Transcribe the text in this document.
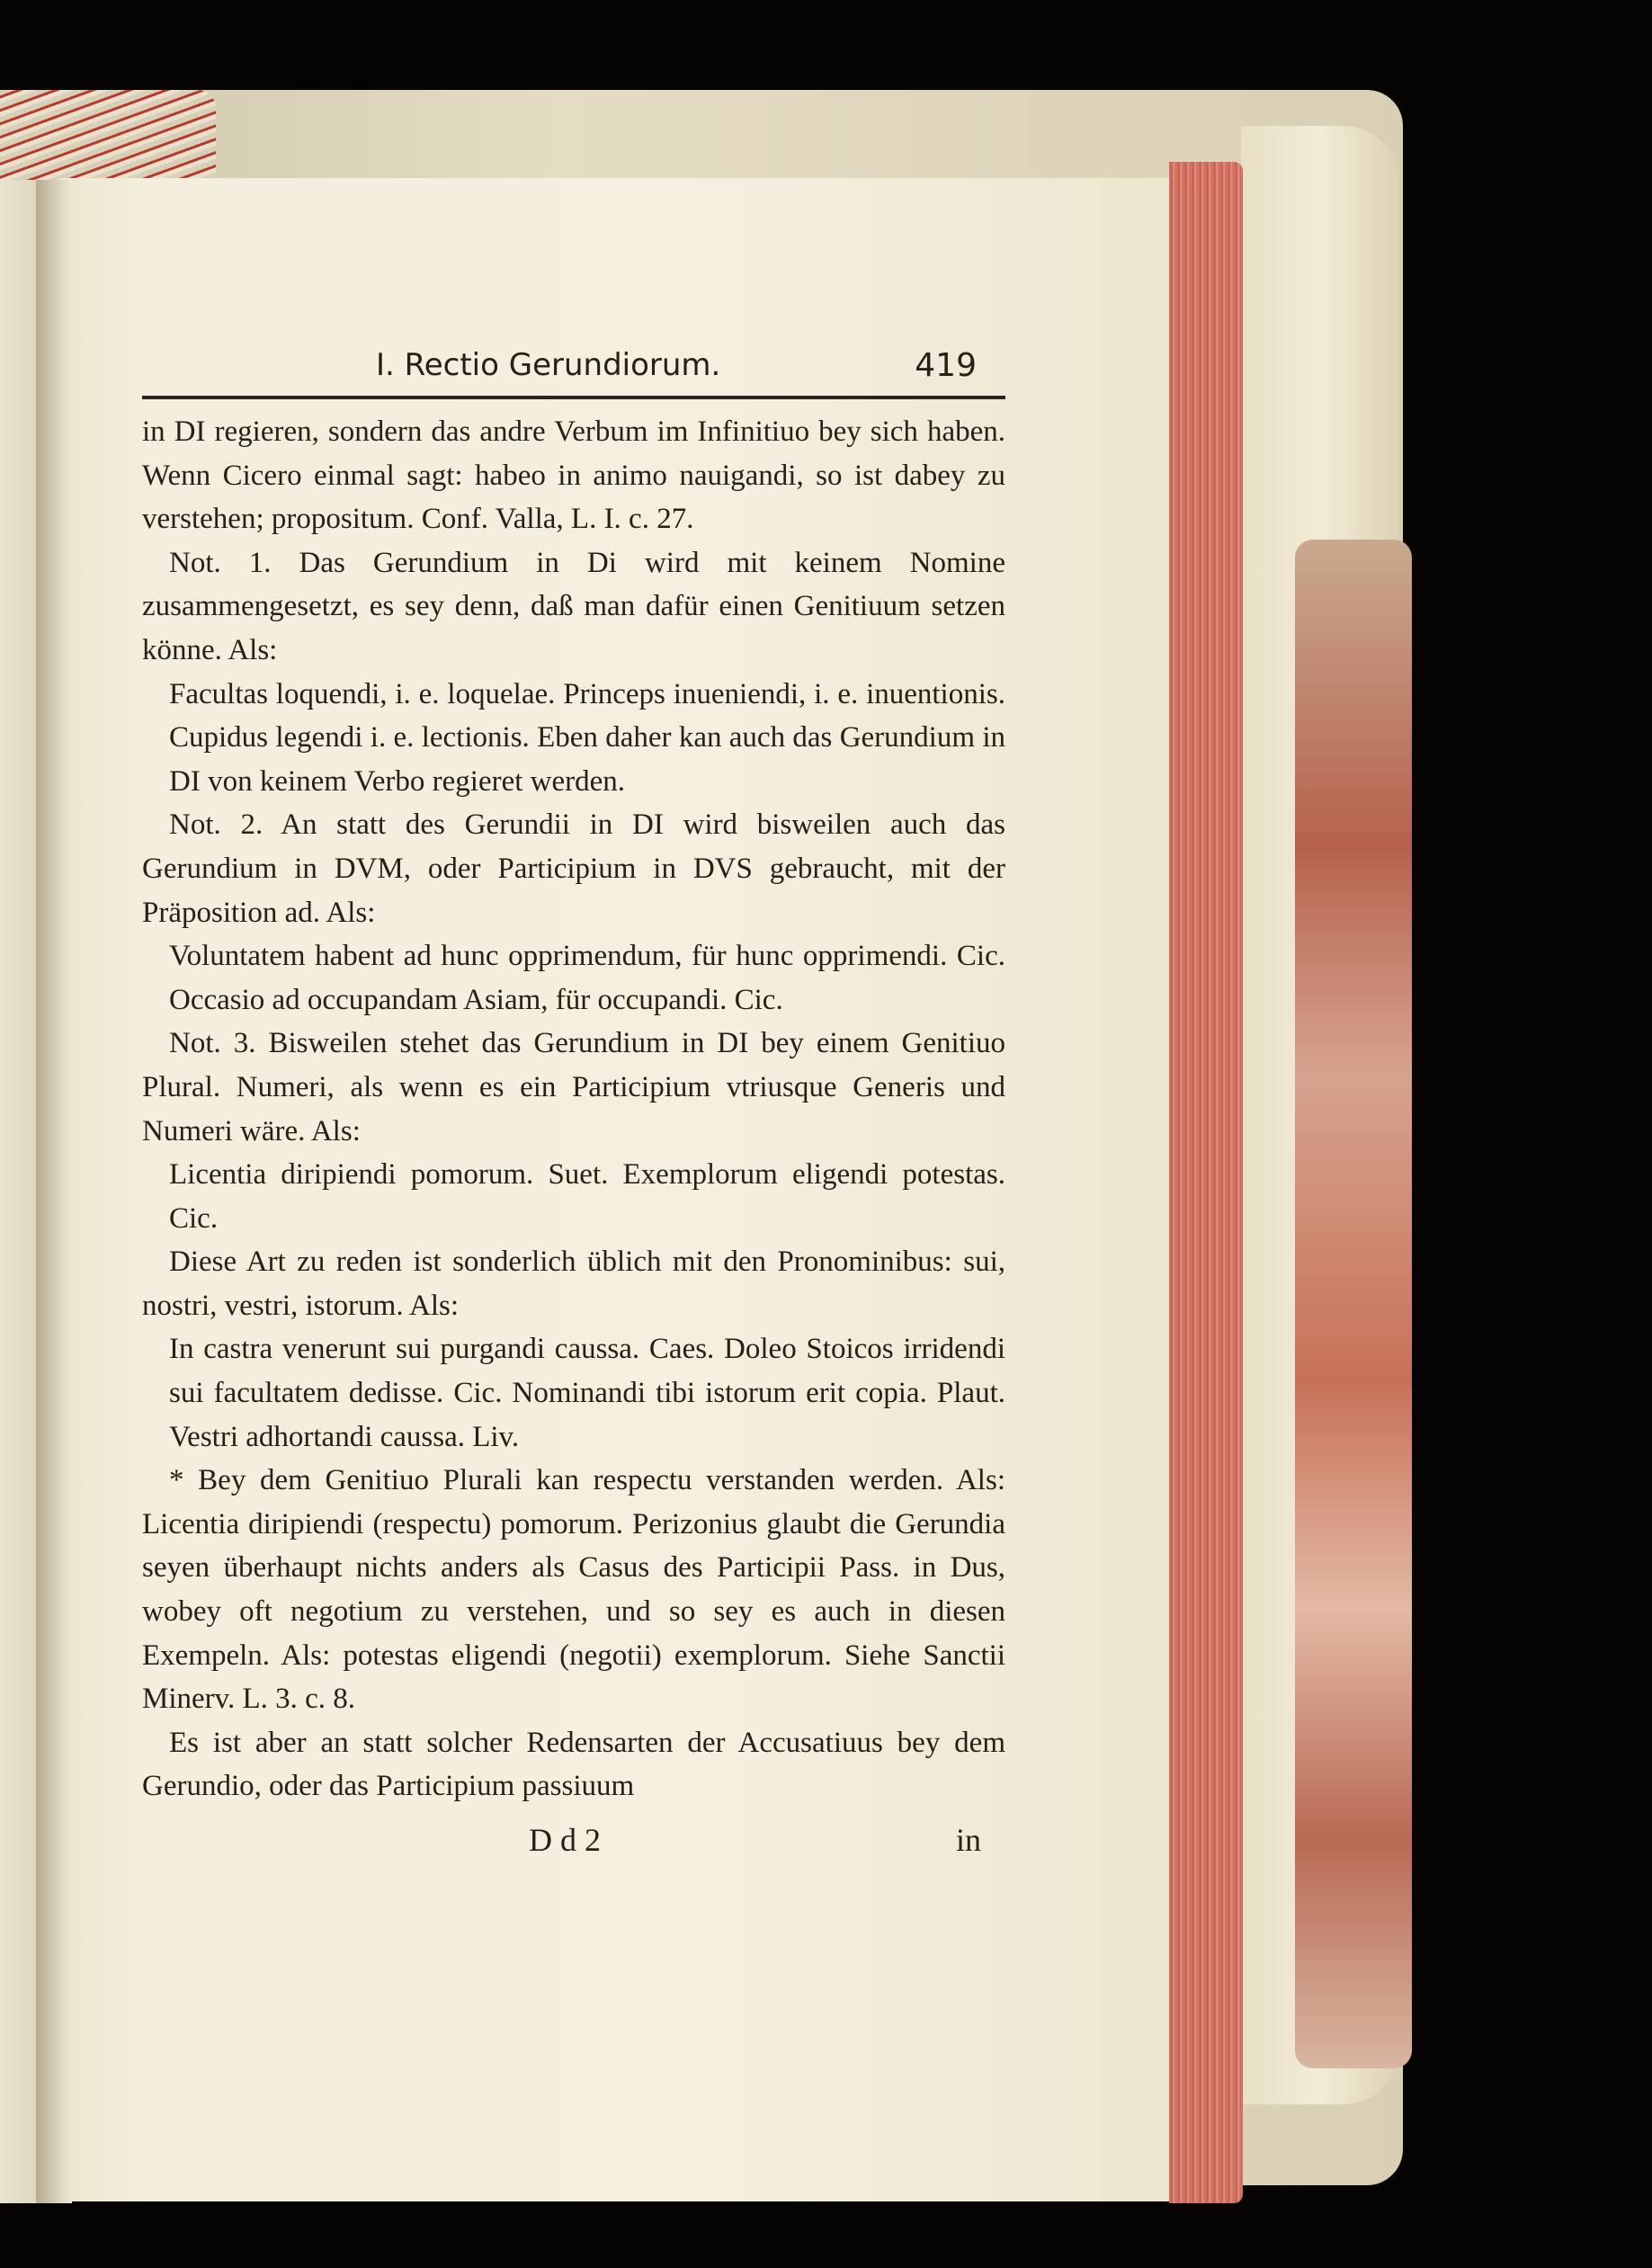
I. Rectio Gerundiorum.	419

in DI regieren, sondern das andre Verbum im Infinitiuo bey sich haben. Wenn Cicero einmal sagt: habeo in animo nauigandi, so ist dabey zu verstehen; propositum. Conf. Valla, L. I. c. 27.

Not. 1. Das Gerundium in Di wird mit keinem Nomine zusammengesetzt, es sey denn, daß man dafür einen Genitiuum setzen könne. Als:

Facultas loquendi, i. e. loquelae. Princeps inueniendi, i. e. inuentionis. Cupidus legendi i. e. lectionis. Eben daher kan auch das Gerundium in DI von keinem Verbo regieret werden.

Not. 2. An statt des Gerundii in DI wird bisweilen auch das Gerundium in DVM, oder Participium in DVS gebraucht, mit der Präposition ad. Als:

Voluntatem habent ad hunc opprimendum, für hunc opprimendi. Cic. Occasio ad occupandam Asiam, für occupandi. Cic.

Not. 3. Bisweilen stehet das Gerundium in DI bey einem Genitiuo Plural. Numeri, als wenn es ein Participium vtriusque Generis und Numeri wäre. Als:

Licentia diripiendi pomorum. Suet. Exemplorum eligendi potestas. Cic.

Diese Art zu reden ist sonderlich üblich mit den Pronominibus: sui, nostri, vestri, istorum. Als:

In castra venerunt sui purgandi caussa. Caes. Doleo Stoicos irridendi sui facultatem dedisse. Cic. Nominandi tibi istorum erit copia. Plaut. Vestri adhortandi caussa. Liv.

* Bey dem Genitiuo Plurali kan respectu verstanden werden. Als: Licentia diripiendi (respectu) pomorum. Perizonius glaubt die Gerundia seyen überhaupt nichts anders als Casus des Participii Pass. in Dus, wobey oft negotium zu verstehen, und so sey es auch in diesen Exempeln. Als: potestas eligendi (negotii) exemplorum. Siehe Sanctii Minerv. L. 3. c. 8.

Es ist aber an statt solcher Redensarten der Accusatiuus bey dem Gerundio, oder das Participium passiuum

D d 2	in
